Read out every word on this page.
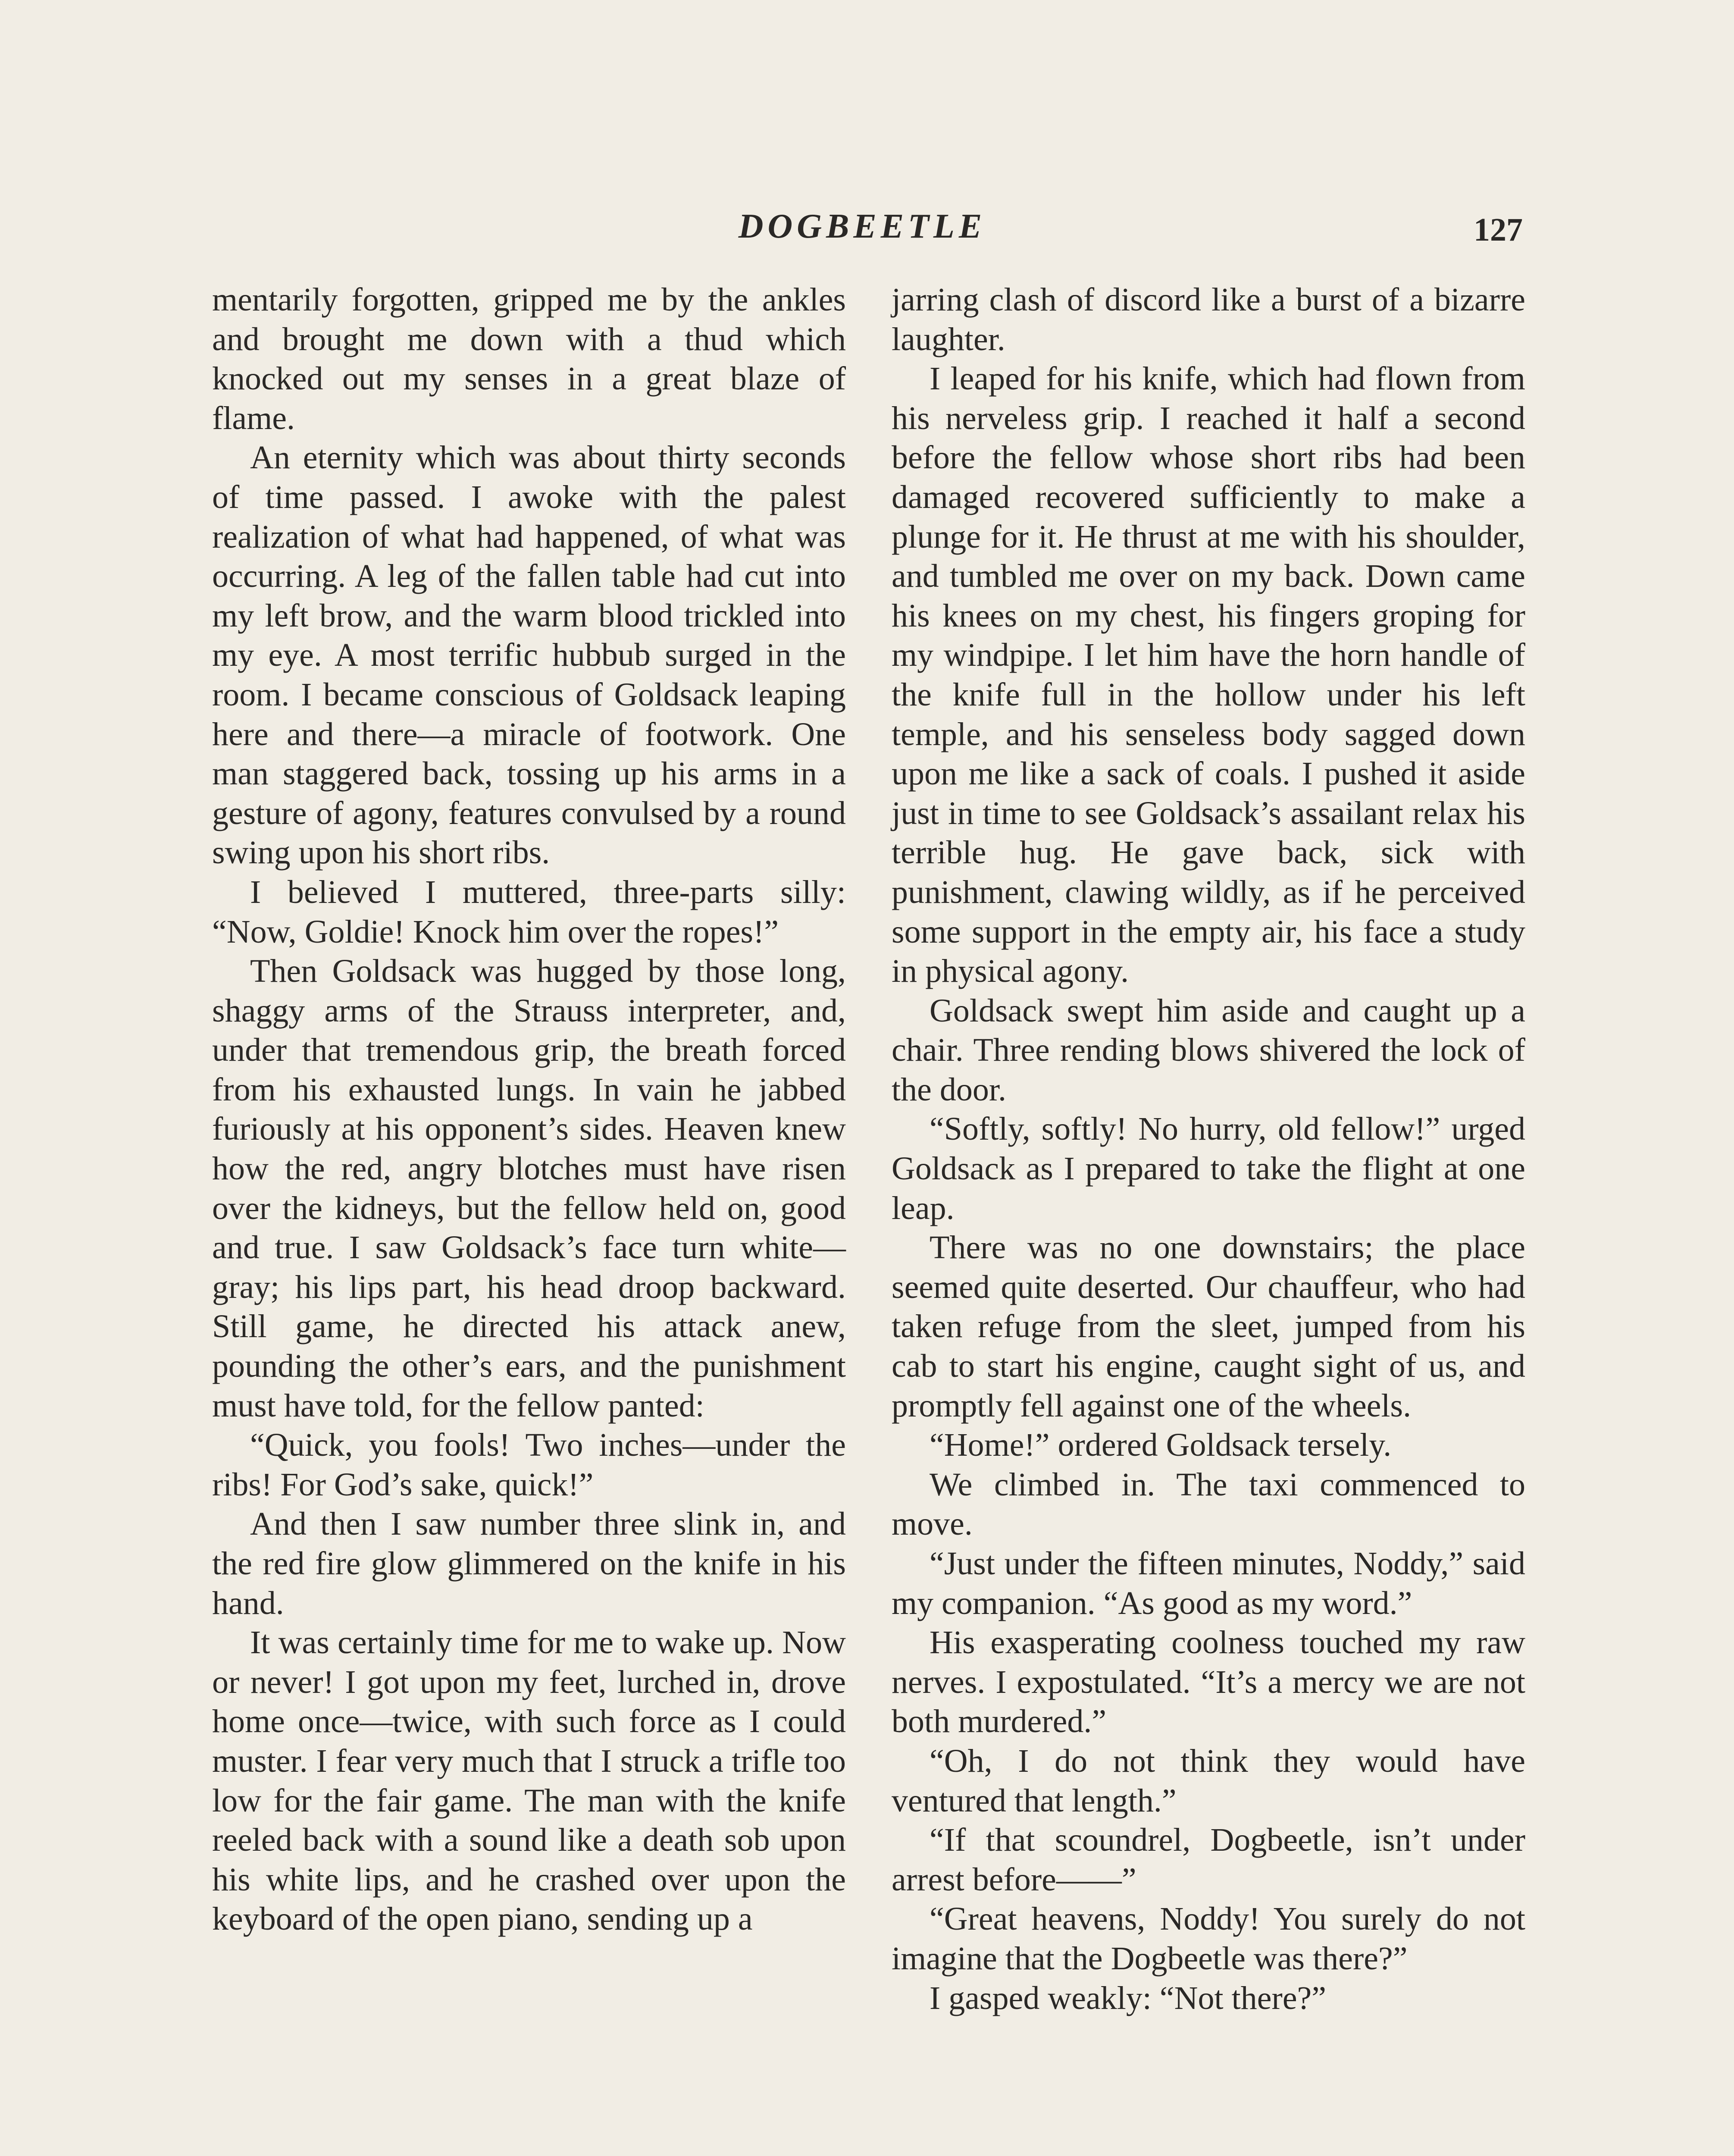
DOGBEETLE	127

mentarily forgotten, gripped me by the ankles and brought me down with a thud which knocked out my senses in a great blaze of flame.

An eternity which was about thirty seconds of time passed. I awoke with the palest realization of what had happened, of what was occurring. A leg of the fallen table had cut into my left brow, and the warm blood trickled into my eye. A most terrific hubbub surged in the room. I became conscious of Goldsack leaping here and there—a miracle of footwork. One man staggered back, tossing up his arms in a gesture of agony, features convulsed by a round swing upon his short ribs.

I believed I muttered, three-parts silly: “Now, Goldie! Knock him over the ropes!”

Then Goldsack was hugged by those long, shaggy arms of the Strauss interpreter, and, under that tremendous grip, the breath forced from his exhausted lungs. In vain he jabbed furiously at his opponent’s sides. Heaven knew how the red, angry blotches must have risen over the kidneys, but the fellow held on, good and true. I saw Goldsack’s face turn white—gray; his lips part, his head droop backward. Still game, he directed his attack anew, pounding the other’s ears, and the punishment must have told, for the fellow panted:

“Quick, you fools! Two inches—under the ribs! For God’s sake, quick!”

And then I saw number three slink in, and the red fire glow glimmered on the knife in his hand.

It was certainly time for me to wake up. Now or never! I got upon my feet, lurched in, drove home once—twice, with such force as I could muster. I fear very much that I struck a trifle too low for the fair game. The man with the knife reeled back with a sound like a death sob upon his white lips, and he crashed over upon the keyboard of the open piano, sending up a

jarring clash of discord like a burst of a bizarre laughter.

I leaped for his knife, which had flown from his nerveless grip. I reached it half a second before the fellow whose short ribs had been damaged recovered sufficiently to make a plunge for it. He thrust at me with his shoulder, and tumbled me over on my back. Down came his knees on my chest, his fingers groping for my windpipe. I let him have the horn handle of the knife full in the hollow under his left temple, and his senseless body sagged down upon me like a sack of coals. I pushed it aside just in time to see Goldsack’s assailant relax his terrible hug. He gave back, sick with punishment, clawing wildly, as if he perceived some support in the empty air, his face a study in physical agony.

Goldsack swept him aside and caught up a chair. Three rending blows shivered the lock of the door.

“Softly, softly! No hurry, old fellow!” urged Goldsack as I prepared to take the flight at one leap.

There was no one downstairs; the place seemed quite deserted. Our chauffeur, who had taken refuge from the sleet, jumped from his cab to start his engine, caught sight of us, and promptly fell against one of the wheels.

“Home!” ordered Goldsack tersely.

We climbed in. The taxi commenced to move.

“Just under the fifteen minutes, Noddy,” said my companion. “As good as my word.”

His exasperating coolness touched my raw nerves. I expostulated. “It’s a mercy we are not both murdered.”

“Oh, I do not think they would have ventured that length.”

“If that scoundrel, Dogbeetle, isn’t under arrest before——”

“Great heavens, Noddy! You surely do not imagine that the Dogbeetle was there?”

I gasped weakly: “Not there?”
